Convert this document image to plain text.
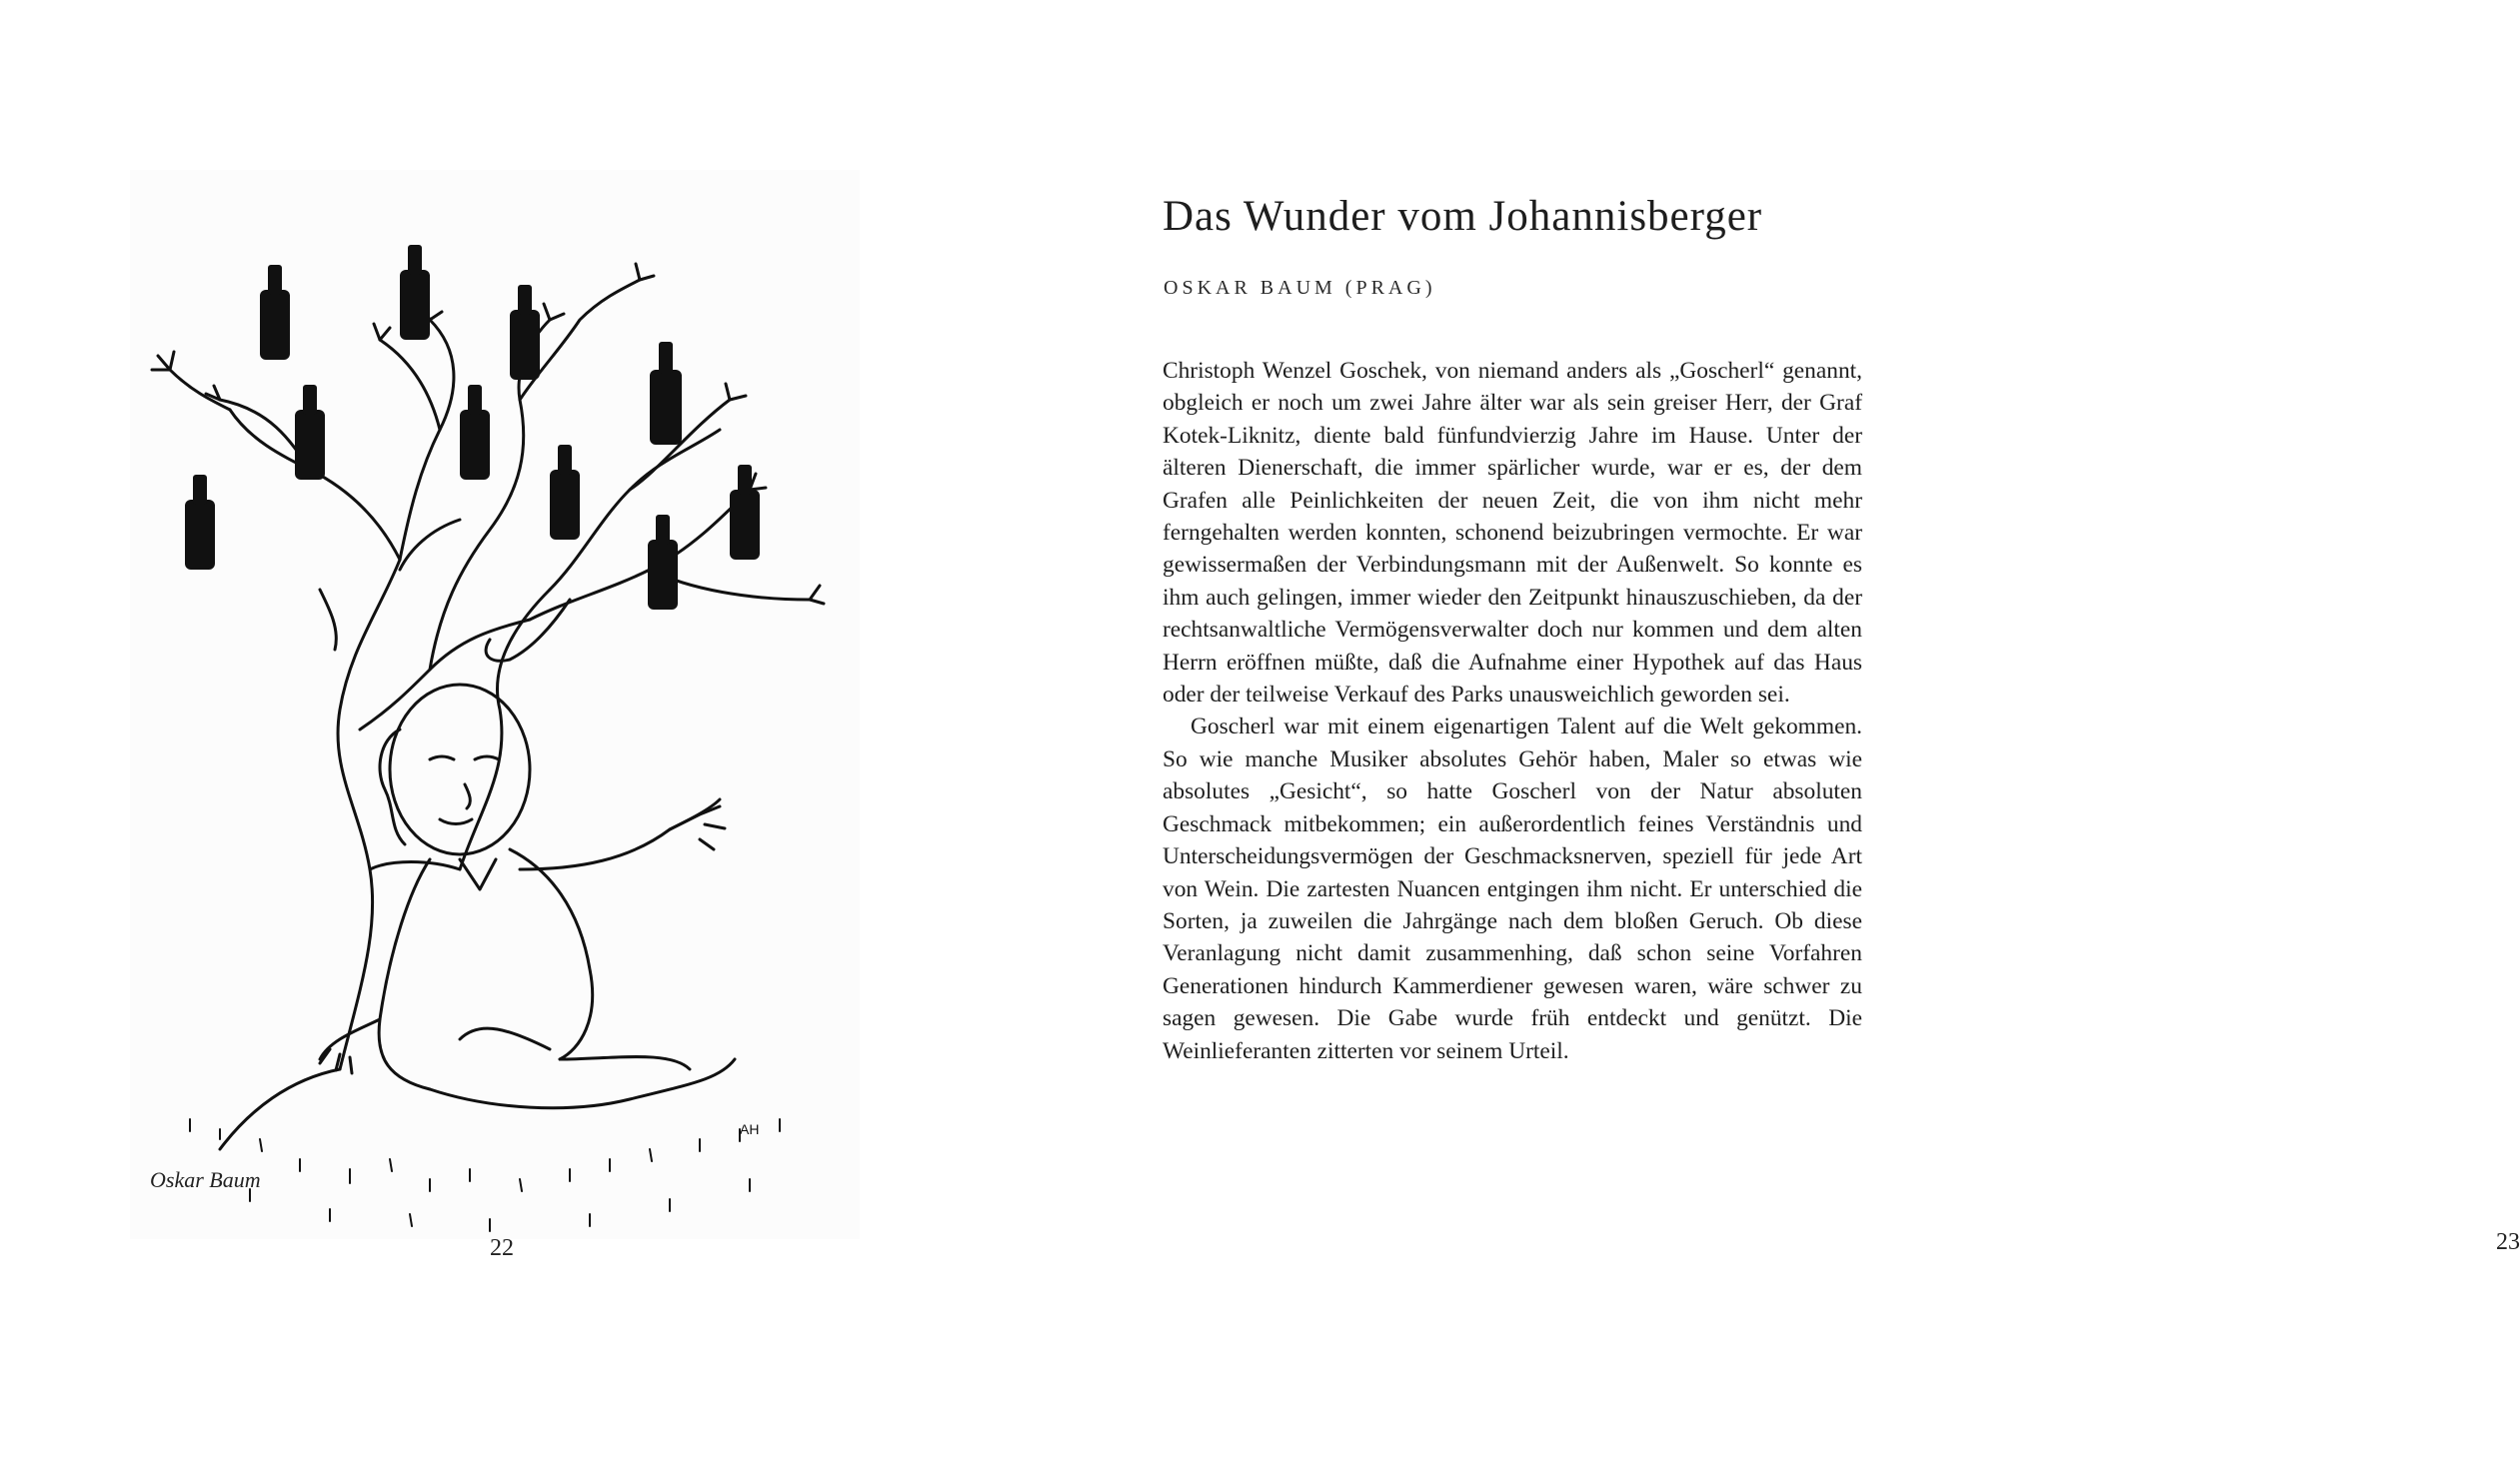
AH
Oskar Baum
22
Das Wunder vom Johannisberger
OSKAR BAUM (PRAG)

Christoph Wenzel Goschek, von niemand anders als „Goscherl“ genannt, obgleich er noch um zwei Jahre älter war als sein greiser Herr, der Graf Kotek-Liknitz, diente bald fünfundvierzig Jahre im Hause. Unter der älteren Dienerschaft, die immer spärlicher wurde, war er es, der dem Grafen alle Peinlichkeiten der neuen Zeit, die von ihm nicht mehr ferngehalten werden konnten, schonend beizubringen vermochte. Er war gewissermaßen der Verbindungsmann mit der Außenwelt. So konnte es ihm auch gelingen, immer wieder den Zeitpunkt hinauszuschieben, da der rechtsanwaltliche Vermögensverwalter doch nur kommen und dem alten Herrn eröffnen müßte, daß die Aufnahme einer Hypothek auf das Haus oder der teilweise Verkauf des Parks unausweichlich geworden sei.

Goscherl war mit einem eigenartigen Talent auf die Welt gekommen. So wie manche Musiker absolutes Gehör haben, Maler so etwas wie absolutes „Gesicht“, so hatte Goscherl von der Natur absoluten Geschmack mitbekommen; ein außerordentlich feines Verständnis und Unterscheidungsvermögen der Geschmacksnerven, speziell für jede Art von Wein. Die zartesten Nuancen entgingen ihm nicht. Er unterschied die Sorten, ja zuweilen die Jahrgänge nach dem bloßen Geruch. Ob diese Veranlagung nicht damit zusammenhing, daß schon seine Vorfahren Generationen hindurch Kammerdiener gewesen waren, wäre schwer zu sagen gewesen. Die Gabe wurde früh entdeckt und genützt. Die Weinlieferanten zitterten vor seinem Urteil.

23
